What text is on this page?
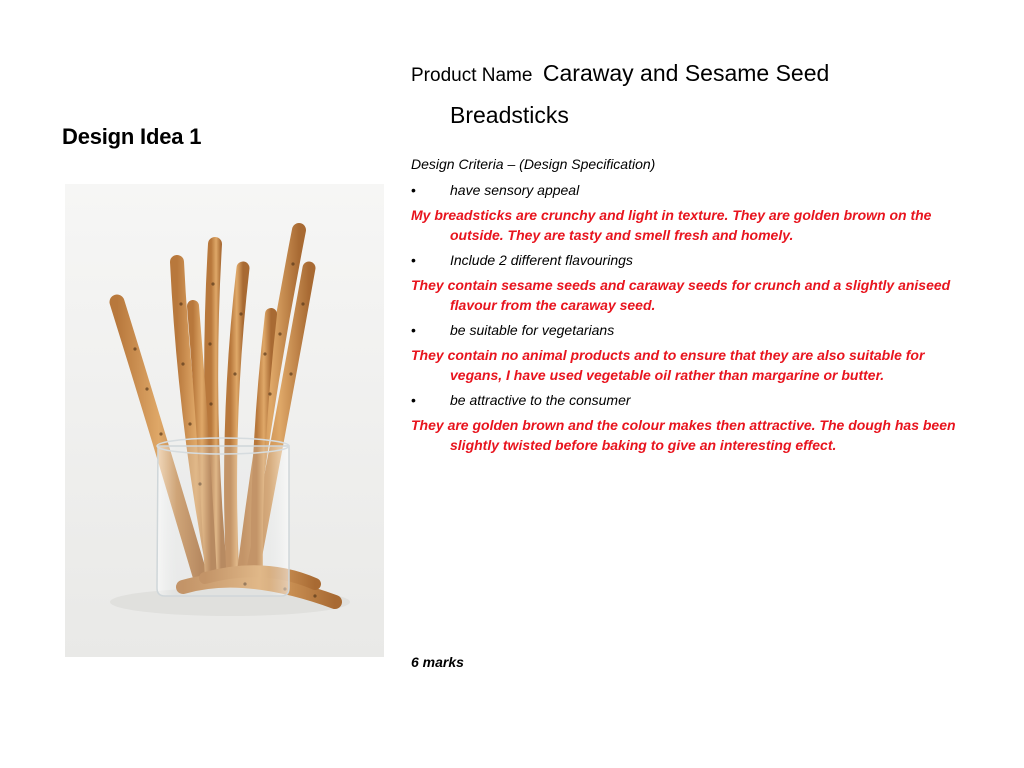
Design Idea 1
Product Name Caraway and Sesame Seed
Breadsticks
Design Criteria – (Design Specification)
• have sensory appeal
My breadsticks are crunchy and light in texture. They are golden brown on the outside. They are tasty and smell fresh and homely.
• Include 2 different flavourings
They contain sesame seeds and caraway seeds for crunch and a slightly aniseed flavour from the caraway seed.
• be suitable for vegetarians
They contain no animal products and to ensure that they are also suitable for vegans, I have used vegetable oil rather than margarine or butter.
• be attractive to the consumer
They are golden brown and the colour makes then attractive. The dough has been slightly twisted before baking to give an interesting effect.
6 marks
